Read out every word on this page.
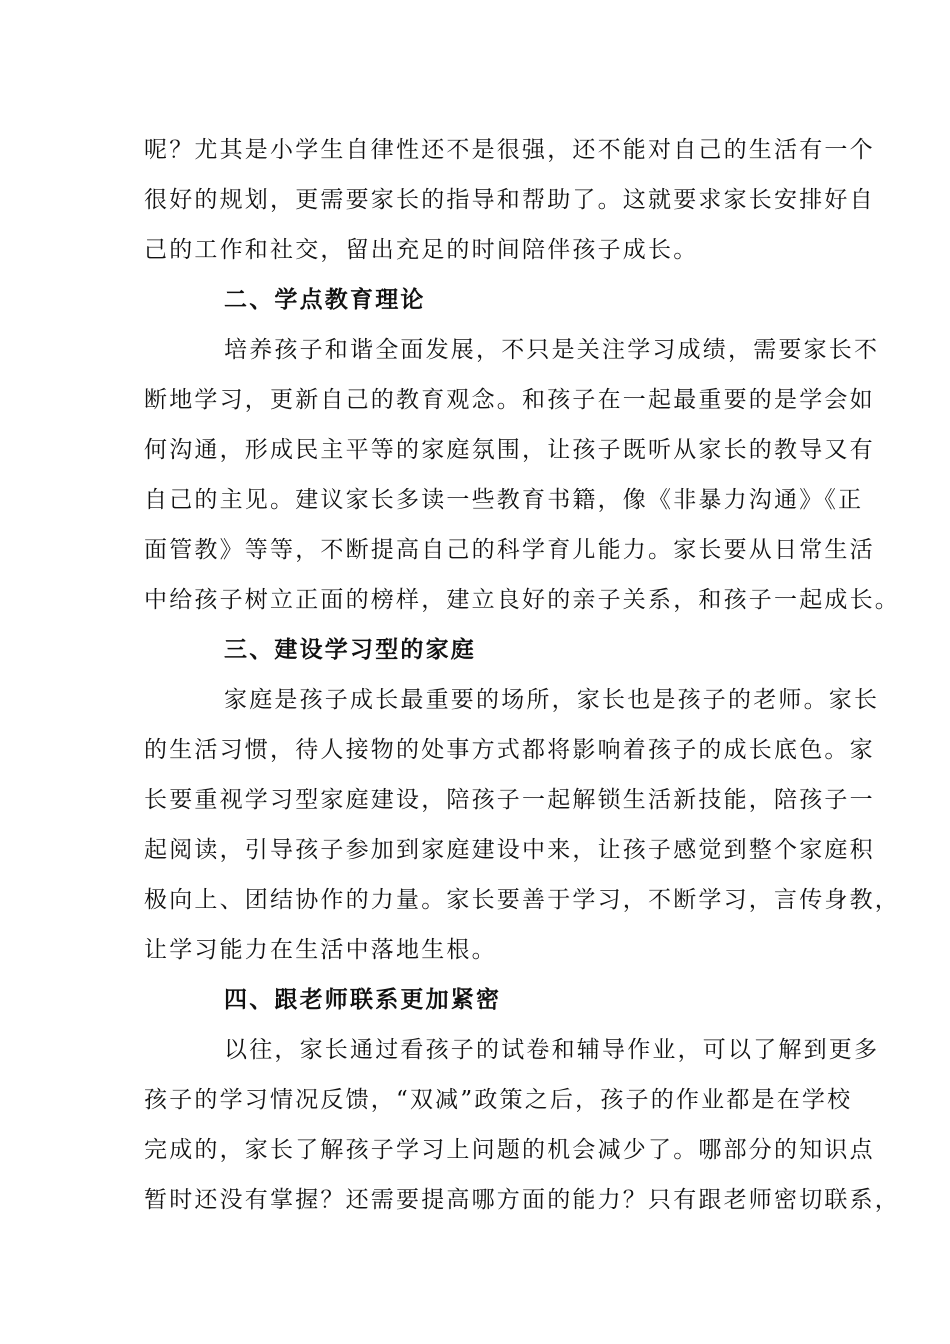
呢？尤其是小学生自律性还不是很强，还不能对自己的生活有一个
很好的规划，更需要家长的指导和帮助了。这就要求家长安排好自
己的工作和社交，留出充足的时间陪伴孩子成长。
二、学点教育理论
培养孩子和谐全面发展，不只是关注学习成绩，需要家长不
断地学习，更新自己的教育观念。和孩子在一起最重要的是学会如
何沟通，形成民主平等的家庭氛围，让孩子既听从家长的教导又有
自己的主见。建议家长多读一些教育书籍，像《非暴力沟通》《正
面管教》等等，不断提高自己的科学育儿能力。家长要从日常生活
中给孩子树立正面的榜样，建立良好的亲子关系，和孩子一起成长。
三、建设学习型的家庭
家庭是孩子成长最重要的场所，家长也是孩子的老师。家长
的生活习惯，待人接物的处事方式都将影响着孩子的成长底色。家
长要重视学习型家庭建设，陪孩子一起解锁生活新技能，陪孩子一
起阅读，引导孩子参加到家庭建设中来，让孩子感觉到整个家庭积
极向上、团结协作的力量。家长要善于学习，不断学习，言传身教，
让学习能力在生活中落地生根。
四、跟老师联系更加紧密
以往，家长通过看孩子的试卷和辅导作业，可以了解到更多
孩子的学习情况反馈，“双减”政策之后，孩子的作业都是在学校
完成的，家长了解孩子学习上问题的机会减少了。哪部分的知识点
暂时还没有掌握？还需要提高哪方面的能力？只有跟老师密切联系，
